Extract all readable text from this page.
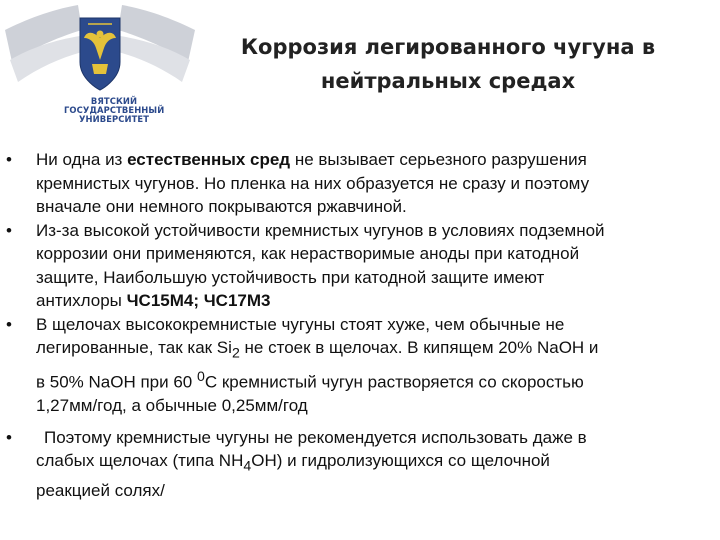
ВЯТСКИЙ
ГОСУДАРСТВЕННЫЙ
УНИВЕРСИТЕТ
Коррозия легированного чугуна в
нейтральных средах
•	Ни одна из естественных сред не вызывает серьезного разрушения
кремнистых чугунов. Но пленка на них образуется не сразу и поэтому
вначале они немного покрываются ржавчиной.
•	Из-за высокой устойчивости кремнистых чугунов в условиях подземной
коррозии они применяются, как нерастворимые аноды при катодной
защите, Наибольшую устойчивость при катодной защите имеют
антихлоры ЧС15М4; ЧС17М3
•	В щелочах высококремнистые чугуны стоят хуже, чем обычные не
легированные, так как $Si_2$ не стоек в щелочах. В кипящем 20% NaOH и
в 50% NaOH при 60 $^0$С кремнистый чугун растворяется со скоростью
1,27мм/год, а обычные 0,25мм/год
•	Поэтому кремнистые чугуны не рекомендуется использовать даже в
слабых щелочах (типа $NH_4OH$) и гидролизующихся со щелочной
реакцией солях/
